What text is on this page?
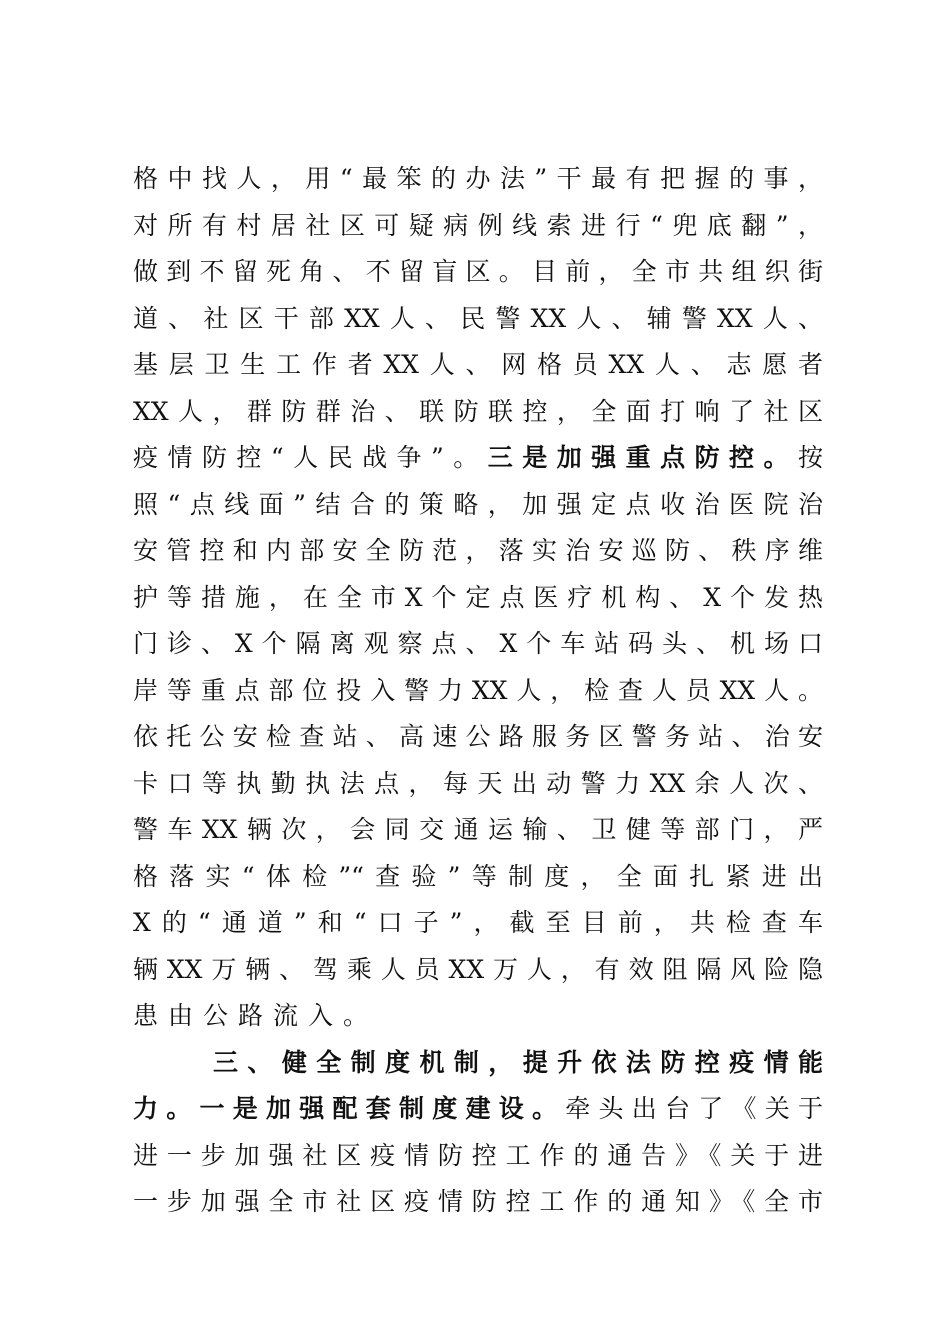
格中找人，用“最笨的办法”干最有把握的事，
对所有村居社区可疑病例线索进行“兜底翻”，
做到不留死角、不留盲区。目前，全市共组织街
道、社区干部XX人、民警XX人、辅警XX人、
基层卫生工作者XX人、网格员XX人、志愿者
XX人，群防群治、联防联控，全面打响了社区
疫情防控“人民战争”。三是加强重点防控。按
照“点线面”结合的策略，加强定点收治医院治
安管控和内部安全防范，落实治安巡防、秩序维
护等措施，在全市X个定点医疗机构、X个发热
门诊、X个隔离观察点、X个车站码头、机场口
岸等重点部位投入警力XX人，检查人员XX人。
依托公安检查站、高速公路服务区警务站、治安
卡口等执勤执法点，每天出动警力XX余人次、
警车XX辆次，会同交通运输、卫健等部门，严
格落实“体检”“查验”等制度，全面扎紧进出
X的“通道”和“口子”，截至目前，共检查车
辆XX万辆、驾乘人员XX万人，有效阻隔风险隐
患由公路流入。
三、健全制度机制，提升依法防控疫情能
力。一是加强配套制度建设。牵头出台了《关于
进一步加强社区疫情防控工作的通告》《关于进
一步加强全市社区疫情防控工作的通知》《全市
